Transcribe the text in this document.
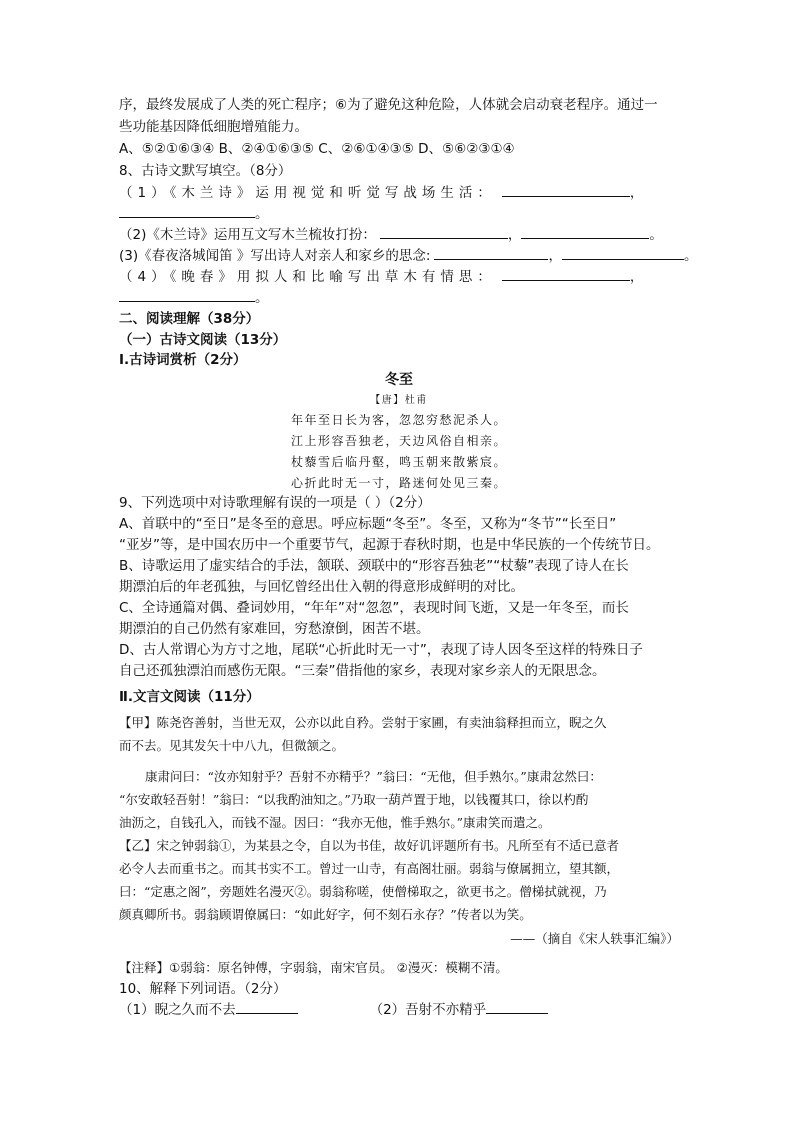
序，最终发展成了人类的死亡程序；⑥为了避免这种危险，人体就会启动衰老程序。通过一
些功能基因降低细胞增殖能力。
A、⑤②①⑥③④ B、②④①⑥③⑤ C、②⑥①④③⑤ D、⑤⑥②③①④
8、古诗文默写填空。（8分）
（1）《木兰诗》运用视觉和听觉写战场生活：	，
。
（2)《木兰诗》运用互文写木兰梳妆打扮：	，	。
(3)《春夜洛城闻笛 》写出诗人对亲人和家乡的思念:	，	。
（4）《晚春》用拟人和比喻写出草木有情思：	，
。
二、阅读理解（38分）
（一）古诗文阅读（13分）
Ⅰ.古诗词赏析（2分）
冬至
【唐】杜甫
年年至日长为客，忽忽穷愁泥杀人。
江上形容吾独老，天边风俗自相亲。
杖藜雪后临丹壑，鸣玉朝来散紫宸。
心折此时无一寸，路迷何处见三秦。
9、下列选项中对诗歌理解有误的一项是（ ）（2分）
A、首联中的“至日”是冬至的意思。呼应标题“冬至”。冬至，又称为“冬节”“长至日”
“亚岁”等，是中国农历中一个重要节气，起源于春秋时期，也是中华民族的一个传统节日。
B、诗歌运用了虚实结合的手法，颔联、颈联中的“形容吾独老”“杖藜”表现了诗人在长
期漂泊后的年老孤独，与回忆曾经出仕入朝的得意形成鲜明的对比。
C、全诗通篇对偶、叠词妙用，“年年”对“忽忽”，表现时间飞逝，又是一年冬至，而长
期漂泊的自己仍然有家难回，穷愁潦倒，困苦不堪。
D、古人常谓心为方寸之地，尾联“心折此时无一寸”，表现了诗人因冬至这样的特殊日子
自己还孤独漂泊而感伤无限。“三秦”借指他的家乡，表现对家乡亲人的无限思念。
Ⅱ.文言文阅读（11分）
【甲】陈尧咨善射，当世无双，公亦以此自矜。尝射于家圃，有卖油翁释担而立，睨之久
而不去。见其发矢十中八九，但微颔之。
康肃问曰：“汝亦知射乎？吾射不亦精乎？”翁曰：“无他，但手熟尔。”康肃忿然曰：
“尔安敢轻吾射！”翁曰：“以我酌油知之。”乃取一葫芦置于地，以钱覆其口，徐以杓酌
油沥之，自钱孔入，而钱不湿。因曰：“我亦无他，惟手熟尔。”康肃笑而遣之。
【乙】宋之钟弱翁①，为某县之令，自以为书佳，故好讥评题所有书。凡所至有不适已意者
必令人去而重书之。而其书实不工。曾过一山寺，有高阁壮丽。弱翁与僚属拥立，望其额，
曰：“定惠之阁”，旁题姓名漫灭②。弱翁称嗟，使僧梯取之，欲更书之。僧梯拭就视，乃
颜真卿所书。弱翁顾谓僚属曰：“如此好字，何不刻石永存？”传者以为笑。
——（摘自《宋人轶事汇编》）
【注释】①弱翁：原名钟傅，字弱翁，南宋官员。 ②漫灭：模糊不清。
10、解释下列词语。（2分）
（1）睨之久而不去	（2）吾射不亦精乎
